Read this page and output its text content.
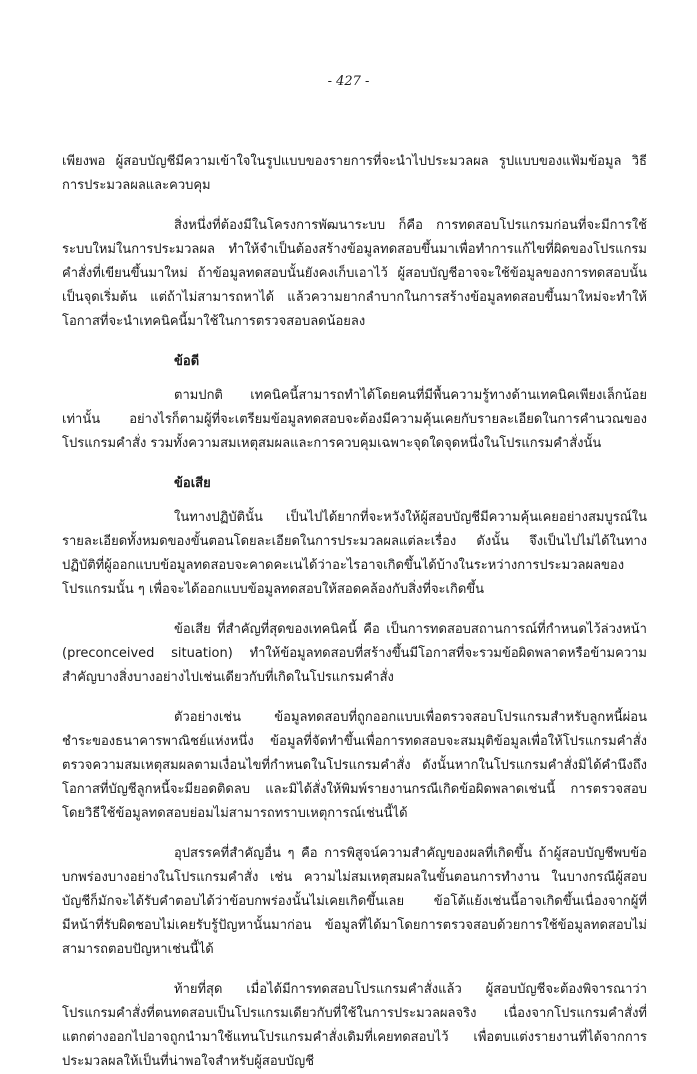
- 427 -

เพียงพอ ผู้สอบบัญชีมีความเข้าใจในรูปแบบของรายการที่จะนำไปประมวลผล รูปแบบของแฟ้มข้อมูล วิธีการประมวลผลและควบคุม

สิ่งหนึ่งที่ต้องมีในโครงการพัฒนาระบบ ก็คือ การทดสอบโปรแกรมก่อนที่จะมีการใช้ระบบใหม่ในการประมวลผล ทำให้จำเป็นต้องสร้างข้อมูลทดสอบขึ้นมาเพื่อทำการแก้ไขที่ผิดของโปรแกรมคำสั่งที่เขียนขึ้นมาใหม่ ถ้าข้อมูลทดสอบนั้นยังคงเก็บเอาไว้ ผู้สอบบัญชีอาจจะใช้ข้อมูลของการทดสอบนั้นเป็นจุดเริ่มต้น แต่ถ้าไม่สามารถหาได้ แล้วความยากลำบากในการสร้างข้อมูลทดสอบขึ้นมาใหม่จะทำให้โอกาสที่จะนำเทคนิคนี้มาใช้ในการตรวจสอบลดน้อยลง

ข้อดี

ตามปกติ เทคนิคนี้สามารถทำได้โดยคนที่มีพื้นความรู้ทางด้านเทคนิคเพียงเล็กน้อยเท่านั้น อย่างไรก็ตามผู้ที่จะเตรียมข้อมูลทดสอบจะต้องมีความคุ้นเคยกับรายละเอียดในการคำนวณของโปรแกรมคำสั่ง รวมทั้งความสมเหตุสมผลและการควบคุมเฉพาะจุดใดจุดหนึ่งในโปรแกรมคำสั่งนั้น

ข้อเสีย

ในทางปฏิบัตินั้น เป็นไปได้ยากที่จะหวังให้ผู้สอบบัญชีมีความคุ้นเคยอย่างสมบูรณ์ในรายละเอียดทั้งหมดของขั้นตอนโดยละเอียดในการประมวลผลแต่ละเรื่อง ดังนั้น จึงเป็นไปไม่ได้ในทางปฏิบัติที่ผู้ออกแบบข้อมูลทดสอบจะคาดคะเนได้ว่าอะไรอาจเกิดขึ้นได้บ้างในระหว่างการประมวลผลของโปรแกรมนั้น ๆ เพื่อจะได้ออกแบบข้อมูลทดสอบให้สอดคล้องกับสิ่งที่จะเกิดขึ้น

ข้อเสีย ที่สำคัญที่สุดของเทคนิคนี้ คือ เป็นการทดสอบสถานการณ์ที่กำหนดไว้ล่วงหน้า (preconceived situation) ทำให้ข้อมูลทดสอบที่สร้างขึ้นมีโอกาสที่จะรวมข้อผิดพลาดหรือข้ามความสำคัญบางสิ่งบางอย่างไปเช่นเดียวกับที่เกิดในโปรแกรมคำสั่ง

ตัวอย่างเช่น ข้อมูลทดสอบที่ถูกออกแบบเพื่อตรวจสอบโปรแกรมสำหรับลูกหนี้ผ่อนชำระของธนาคารพาณิชย์แห่งหนึ่ง ข้อมูลที่จัดทำขึ้นเพื่อการทดสอบจะสมมุติข้อมูลเพื่อให้โปรแกรมคำสั่งตรวจความสมเหตุสมผลตามเงื่อนไขที่กำหนดในโปรแกรมคำสั่ง ดังนั้นหากในโปรแกรมคำสั่งมิได้คำนึงถึงโอกาสที่บัญชีลูกหนี้จะมียอดติดลบ และมิได้สั่งให้พิมพ์รายงานกรณีเกิดข้อผิดพลาดเช่นนี้ การตรวจสอบโดยวิธีใช้ข้อมูลทดสอบย่อมไม่สามารถทราบเหตุการณ์เช่นนี้ได้

อุปสรรคที่สำคัญอื่น ๆ คือ การพิสูจน์ความสำคัญของผลที่เกิดขึ้น ถ้าผู้สอบบัญชีพบข้อบกพร่องบางอย่างในโปรแกรมคำสั่ง เช่น ความไม่สมเหตุสมผลในขั้นตอนการทำงาน ในบางกรณีผู้สอบบัญชีก็มักจะได้รับคำตอบได้ว่าข้อบกพร่องนั้นไม่เคยเกิดขึ้นเลย ข้อโต้แย้งเช่นนี้อาจเกิดขึ้นเนื่องจากผู้ที่มีหน้าที่รับผิดชอบไม่เคยรับรู้ปัญหานั้นมาก่อน ข้อมูลที่ได้มาโดยการตรวจสอบด้วยการใช้ข้อมูลทดสอบไม่สามารถตอบปัญหาเช่นนี้ได้

ท้ายที่สุด เมื่อได้มีการทดสอบโปรแกรมคำสั่งแล้ว ผู้สอบบัญชีจะต้องพิจารณาว่า โปรแกรมคำสั่งที่ตนทดสอบเป็นโปรแกรมเดียวกับที่ใช้ในการประมวลผลจริง เนื่องจากโปรแกรมคำสั่งที่แตกต่างออกไปอาจถูกนำมาใช้แทนโปรแกรมคำสั่งเดิมที่เคยทดสอบไว้ เพื่อตบแต่งรายงานที่ได้จากการประมวลผลให้เป็นที่น่าพอใจสำหรับผู้สอบบัญชี
